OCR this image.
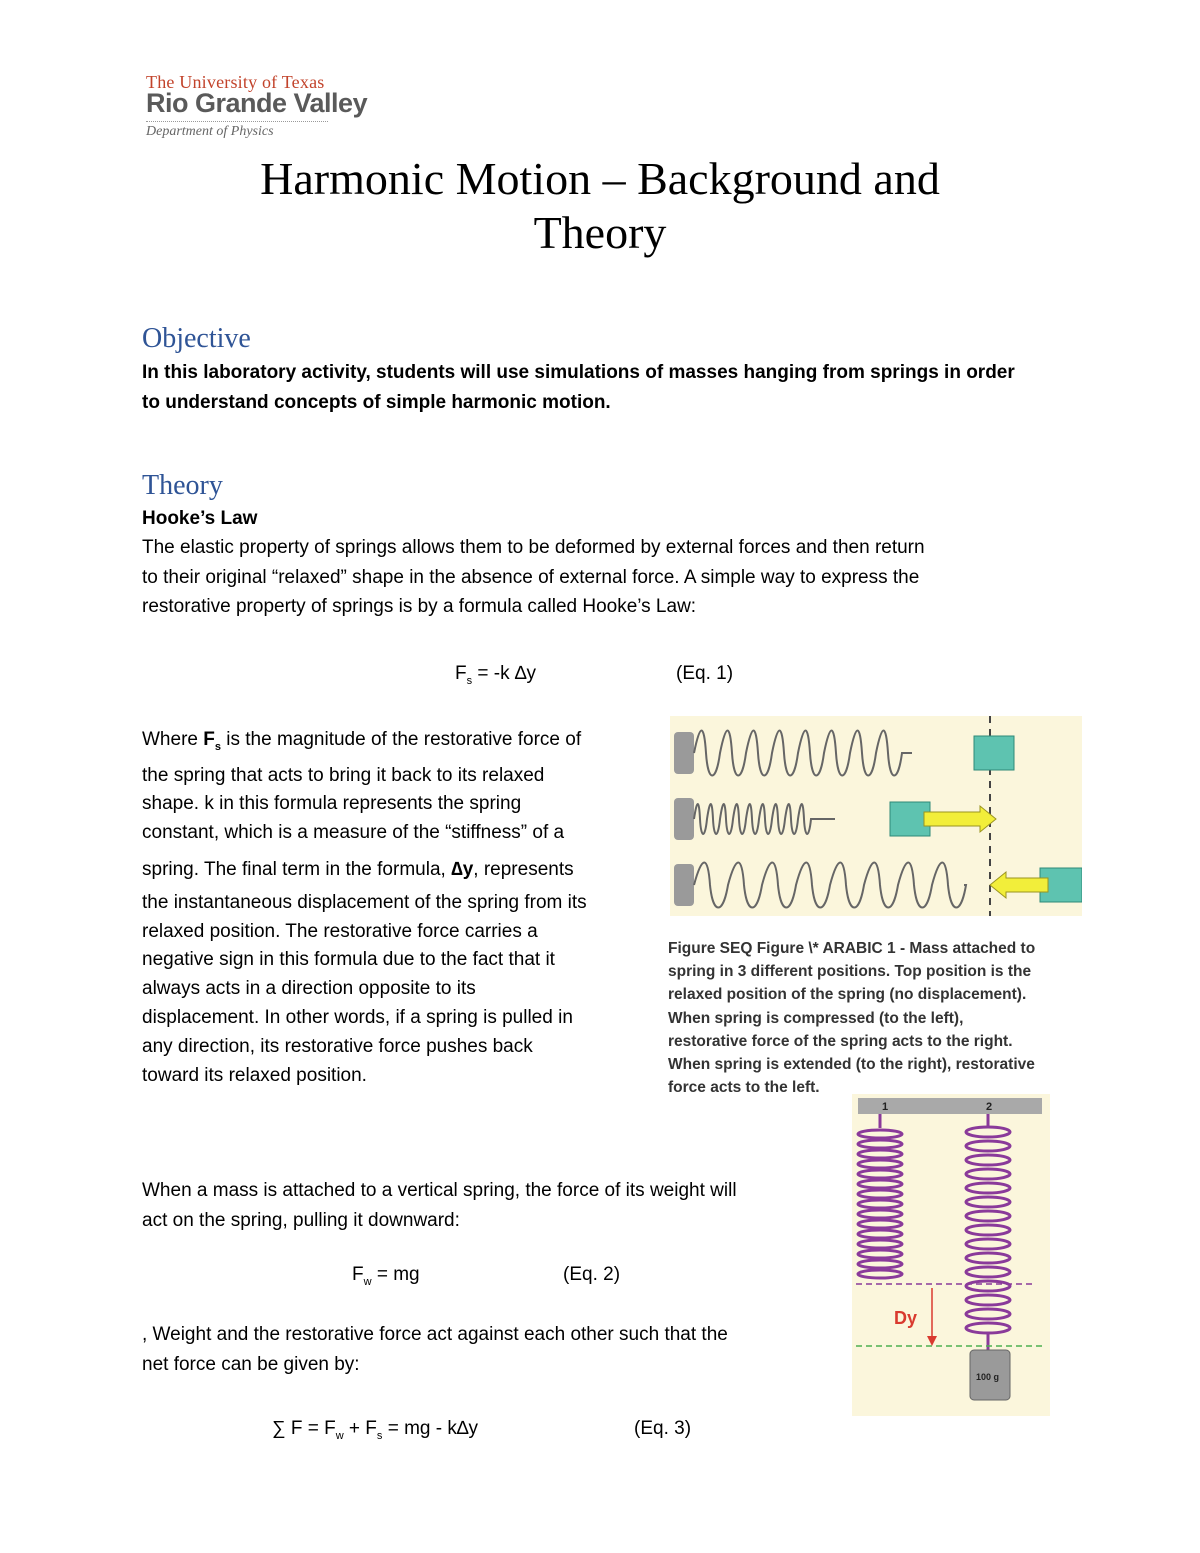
The University of Texas
Rio Grande Valley
Department of Physics
Harmonic Motion – Background and
Theory
Objective
In this laboratory activity, students will use simulations of masses hanging from springs in order
to understand concepts of simple harmonic motion.
Theory
Hooke’s Law
The elastic property of springs allows them to be deformed by external forces and then return
to their original “relaxed” shape in the absence of external force. A simple way to express the
restorative property of springs is by a formula called Hooke’s Law:
$F_s = -k$ ∆y	(Eq. 1)
Where $F_s$ is the magnitude of the restorative force of
the spring that acts to bring it back to its relaxed
shape. k in this formula represents the spring
constant, which is a measure of the “stiffness” of a
spring. The final term in the formula, ∆y, represents
the instantaneous displacement of the spring from its
relaxed position. The restorative force carries a
negative sign in this formula due to the fact that it
always acts in a direction opposite to its
displacement. In other words, if a spring is pulled in
any direction, its restorative force pushes back
toward its relaxed position.
Figure SEQ Figure \* ARABIC 1 - Mass attached to
spring in 3 different positions. Top position is the
relaxed position of the spring (no displacement).
When spring is compressed (to the left),
restorative force of the spring acts to the right.
When spring is extended (to the right), restorative
force acts to the left.
1	2
Dy
100 g
When a mass is attached to a vertical spring, the force of its weight will
act on the spring, pulling it downward:
$F_w$ = mg	(Eq. 2)
, Weight and the restorative force act against each other such that the
net force can be given by:
∑ $F = F_w + F_s$ = mg - k∆y	(Eq. 3)
